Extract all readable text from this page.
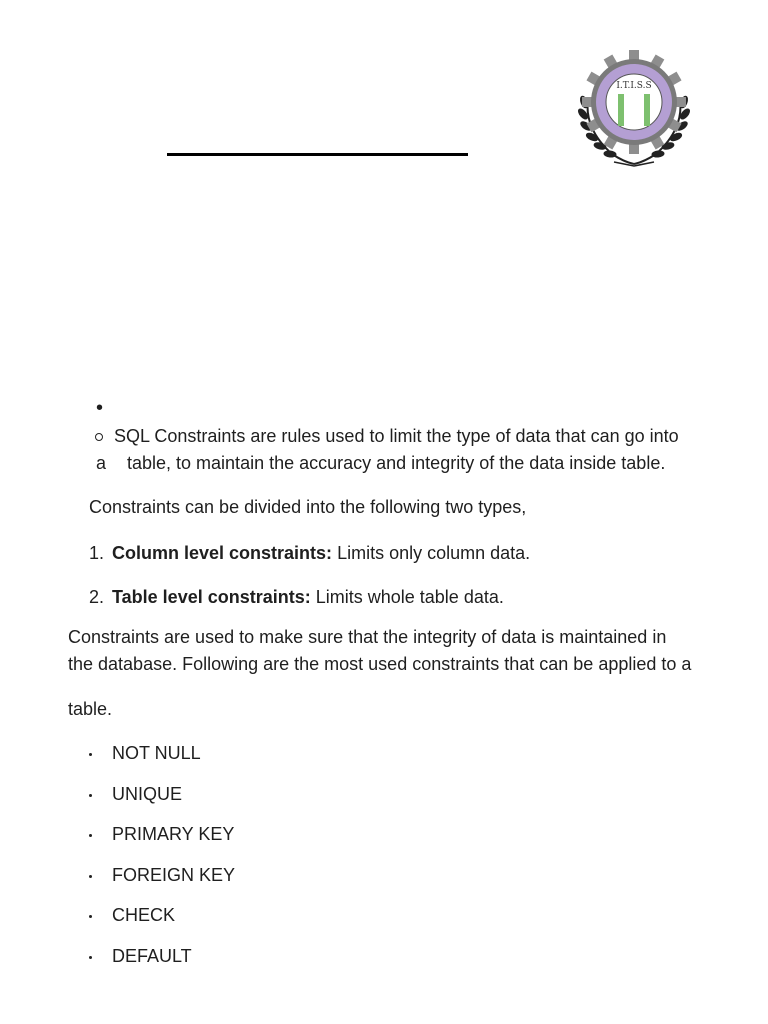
I.T.I.S.S
•
SQL Constraints are rules used to limit the type of data that can go into
a table, to maintain the accuracy and integrity of the data inside table.
Constraints can be divided into the following two types,
1. Column level constraints: Limits only column data.
2. Table level constraints: Limits whole table data.
Constraints are used to make sure that the integrity of data is maintained in
the database. Following are the most used constraints that can be applied to a
table.
NOT NULL
UNIQUE
PRIMARY KEY
FOREIGN KEY
CHECK
DEFAULT
